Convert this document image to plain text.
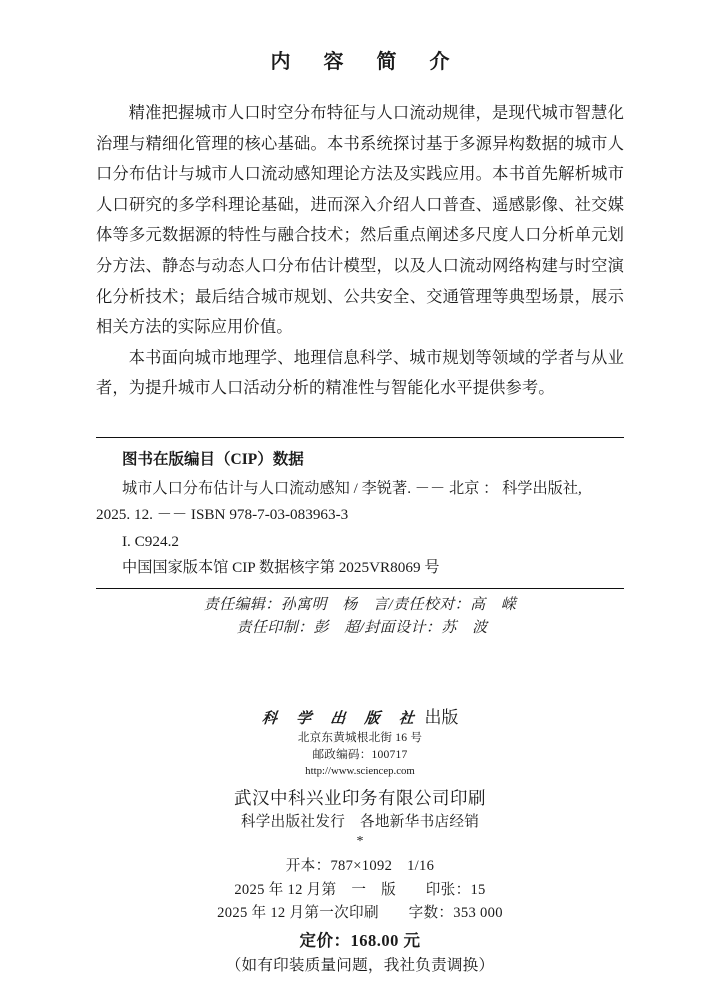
内 容 简 介

精准把握城市人口时空分布特征与人口流动规律，是现代城市智慧化治理与精细化管理的核心基础。本书系统探讨基于多源异构数据的城市人口分布估计与城市人口流动感知理论方法及实践应用。本书首先解析城市人口研究的多学科理论基础，进而深入介绍人口普查、遥感影像、社交媒体等多元数据源的特性与融合技术；然后重点阐述多尺度人口分析单元划分方法、静态与动态人口分布估计模型，以及人口流动网络构建与时空演化分析技术；最后结合城市规划、公共安全、交通管理等典型场景，展示相关方法的实际应用价值。

本书面向城市地理学、地理信息科学、城市规划等领域的学者与从业者，为提升城市人口活动分析的精准性与智能化水平提供参考。

图书在版编目（CIP）数据
城市人口分布估计与人口流动感知 / 李锐著. －－ 北京 ： 科学出版社,
2025. 12. －－ ISBN 978-7-03-083963-3
I. C924.2
中国国家版本馆 CIP 数据核字第 2025VR8069 号
责任编辑：孙寓明　杨　言/责任校对：高　嵘
责任印制：彭　超/封面设计：苏　波
科 学 出 版 社 出版
北京东黄城根北街 16 号
邮政编码：100717
http://www.sciencep.com
武汉中科兴业印务有限公司印刷
科学出版社发行　各地新华书店经销
*
开本：787×1092　1/16
2025 年 12 月第　一　版　　印张：15
2025 年 12 月第一次印刷　　字数：353 000
定价：168.00 元
（如有印装质量问题，我社负责调换）
